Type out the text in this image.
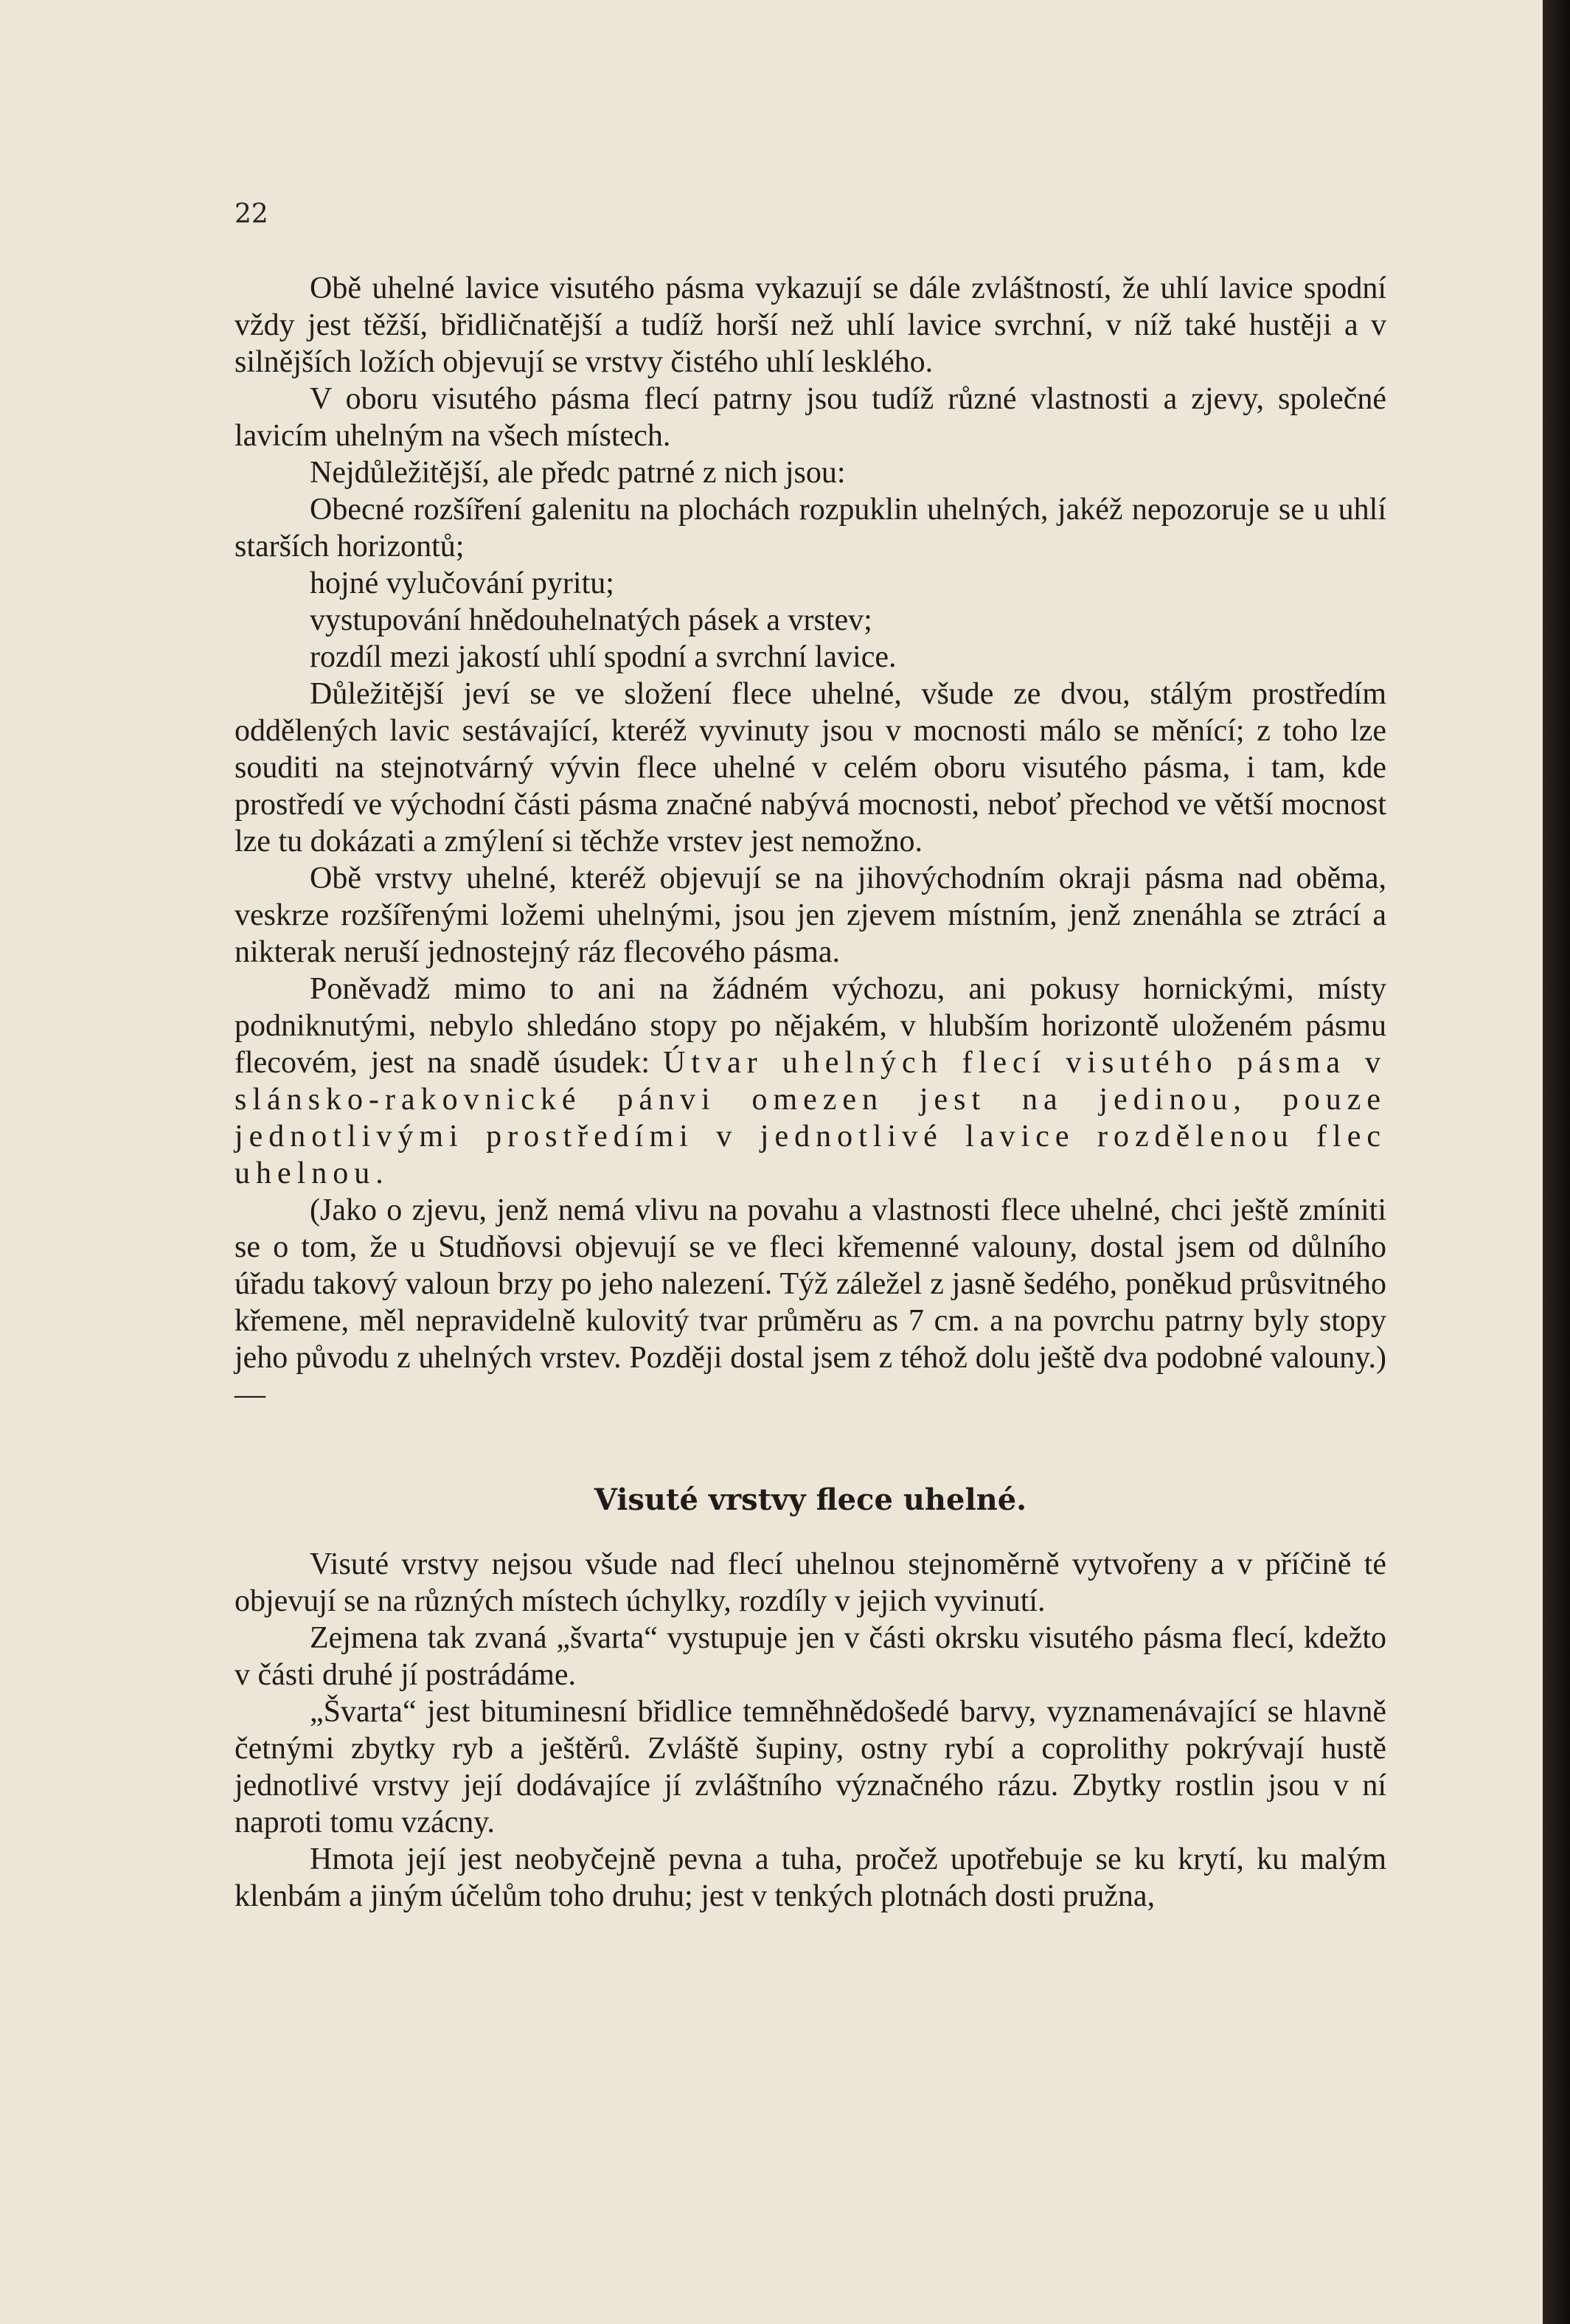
22

Obě uhelné lavice visutého pásma vykazují se dále zvláštností, že uhlí lavice spodní vždy jest těžší, břidličnatější a tudíž horší než uhlí lavice svrchní, v níž také hustěji a v silnějších ložích objevují se vrstvy čistého uhlí lesklého.

V oboru visutého pásma flecí patrny jsou tudíž různé vlastnosti a zjevy, společné lavicím uhelným na všech místech.

Nejdůležitější, ale předc patrné z nich jsou:

Obecné rozšíření galenitu na plochách rozpuklin uhelných, jakéž nepozoruje se u uhlí starších horizontů;

hojné vylučování pyritu;

vystupování hnědouhelnatých pásek a vrstev;

rozdíl mezi jakostí uhlí spodní a svrchní lavice.

Důležitější jeví se ve složení flece uhelné, všude ze dvou, stálým prostředím oddělených lavic sestávající, kteréž vyvinuty jsou v mocnosti málo se měnící; z toho lze souditi na stejnotvárný vývin flece uhelné v celém oboru visutého pásma, i tam, kde prostředí ve východní části pásma značné nabývá mocnosti, neboť přechod ve větší mocnost lze tu dokázati a zmýlení si těchže vrstev jest nemožno.

Obě vrstvy uhelné, kteréž objevují se na jihovýchodním okraji pásma nad oběma, veskrze rozšířenými ložemi uhelnými, jsou jen zjevem místním, jenž znenáhla se ztrácí a nikterak neruší jednostejný ráz flecového pásma.

Poněvadž mimo to ani na žádném výchozu, ani pokusy hornickými, místy podniknutými, nebylo shledáno stopy po nějakém, v hlubším horizontě uloženém pásmu flecovém, jest na snadě úsudek: Útvar uhelných flecí visutého pásma v slánsko-rakovnické pánvi omezen jest na jedinou, pouze jednotlivými prostředími v jednotlivé lavice rozdělenou flec uhelnou.

(Jako o zjevu, jenž nemá vlivu na povahu a vlastnosti flece uhelné, chci ještě zmíniti se o tom, že u Studňovsi objevují se ve fleci křemenné valouny, dostal jsem od důlního úřadu takový valoun brzy po jeho nalezení. Týž záležel z jasně šedého, poněkud průsvitného křemene, měl nepravidelně kulovitý tvar průměru as 7 cm. a na povrchu patrny byly stopy jeho původu z uhelných vrstev. Později dostal jsem z téhož dolu ještě dva podobné valouny.) —

Visuté vrstvy flece uhelné.

Visuté vrstvy nejsou všude nad flecí uhelnou stejnoměrně vytvořeny a v příčině té objevují se na různých místech úchylky, rozdíly v jejich vyvinutí.

Zejmena tak zvaná „švarta“ vystupuje jen v části okrsku visutého pásma flecí, kdežto v části druhé jí postrádáme.

„Švarta“ jest bituminesní břidlice temněhnědošedé barvy, vyznamenávající se hlavně četnými zbytky ryb a ještěrů. Zvláště šupiny, ostny rybí a coprolithy pokrývají hustě jednotlivé vrstvy její dodávajíce jí zvláštního význačného rázu. Zbytky rostlin jsou v ní naproti tomu vzácny.

Hmota její jest neobyčejně pevna a tuha, pročež upotřebuje se ku krytí, ku malým klenbám a jiným účelům toho druhu; jest v tenkých plotnách dosti pružna,
